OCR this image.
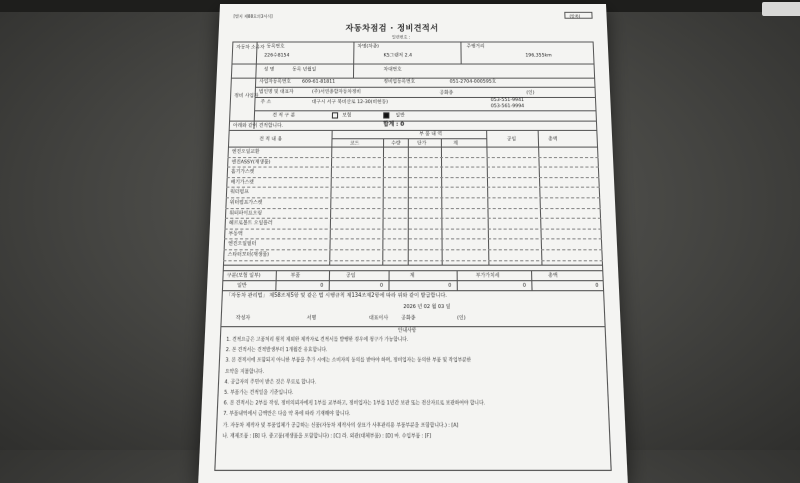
[별지 제88호의3서식]	(앞쪽)
자동차점검 · 정비견적서
일련번호 :
자동차 소유자 등록번호
226수8154
차명(차종)
K5그랜저 2.4
주행거리
196,355km
성 명	동록 년월일	차대번호
정비 사업자
사업자등록번호 609-61-81811	정비업등록번호	051-2704-000595호
법인명 및 대표자	(주)서연종합자동차정비	공화종	(인)
주 소	대구시 서구 북비산로 12-30(비현동)	053-551-9941
053-561-9994
견 적 구 분	보험	일반
아래와 같이 견적합니다.	합계 : 0
견 적 내 용
부 품 내 역
코드	수량	단가	계
공임	총액
엔진오일교환
엔진ASSY(재생품)
흡기가스켓
배기가스켓
워터펌프
워터펌프가스켓
워터파이프오링
헤르로볼트 오일플러
부동액
엔진오일필터
스타터모터(재생품)
구분(보험 일부)	부품	공임	계	부가가치세	총액
일반	0	0	0	0	0
「자동차 관리법」 제58조제5항 및 같은 법 시행규칙 제134조제2항에 따라 위와 같이 발급합니다.
2026 년 02 월 03 일
작성자	서명	대표이사	공화종	(인)
안내사항
1. 견적요금은 고품처리 원칙 제외한 제작자로 견적서를 발행한 경우에 청구가 가능합니다.
2. 본 견적서는 견적발생부터 1개월간 유효합니다.
3. 본 견적서에 포함되지 아니한 부품을 추가 시에는 소비자의 동의를 받아야 하며, 정비업자는 동의한 부품 및 작업부분한
요약을 지불합니다.
4. 공급자의 주민이 받은 것은 무료로 합니다.
5. 부품가는 견적일을 기준입니다.
6. 본 견적서는 2부를 작성, 정비의뢰자에게 1부를 교부하고, 정비업자는 1부를 1년간 보관 또는 전산자료로 보관하여야 합니다.
7. 부품내역에서 금액만은 다음 약 목에 따라 기재해야 합니다.
가. 자동차 제작자 및 부품업체가 공급하는 신품(자동차 제작사의 상표가 사후관리용 부품부분을 포함합니다.) : [A]
나. 재제조품 : [B] 다. 중고품(재생품을 포함합니다) : [C] 라. 외관(대체부품) : [D] 마. 수입부품 : [F]
